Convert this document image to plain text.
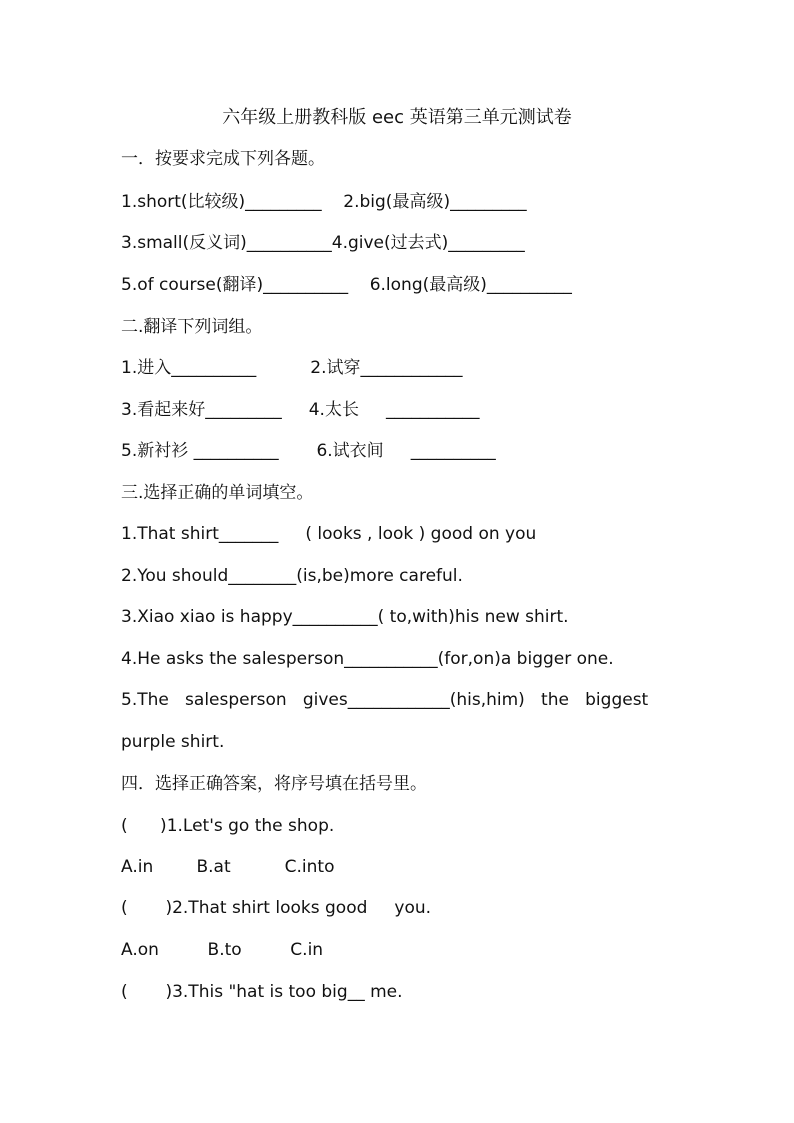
六年级上册教科版 eec 英语第三单元测试卷
一．按要求完成下列各题。
1.short(比较级)_________    2.big(最高级)_________
3.small(反义词)__________4.give(过去式)_________
5.of course(翻译)__________    6.long(最高级)__________
二.翻译下列词组。
1.进入__________          2.试穿____________
3.看起来好_________     4.太长     ___________
5.新衬衫 __________       6.试衣间     __________
三.选择正确的单词填空。
1.That shirt_______     ( looks , look ) good on you
2.You should________(is,be)more careful.
3.Xiao xiao is happy__________( to,with)his new shirt.
4.He asks the salesperson___________(for,on)a bigger one.
5.The   salesperson   gives____________(his,him)   the   biggest
purple shirt.
四．选择正确答案，将序号填在括号里。
(      )1.Let's go the shop.
A.in        B.at          C.into
(       )2.That shirt looks good     you.
A.on         B.to         C.in
(       )3.This "hat is too big__ me.
